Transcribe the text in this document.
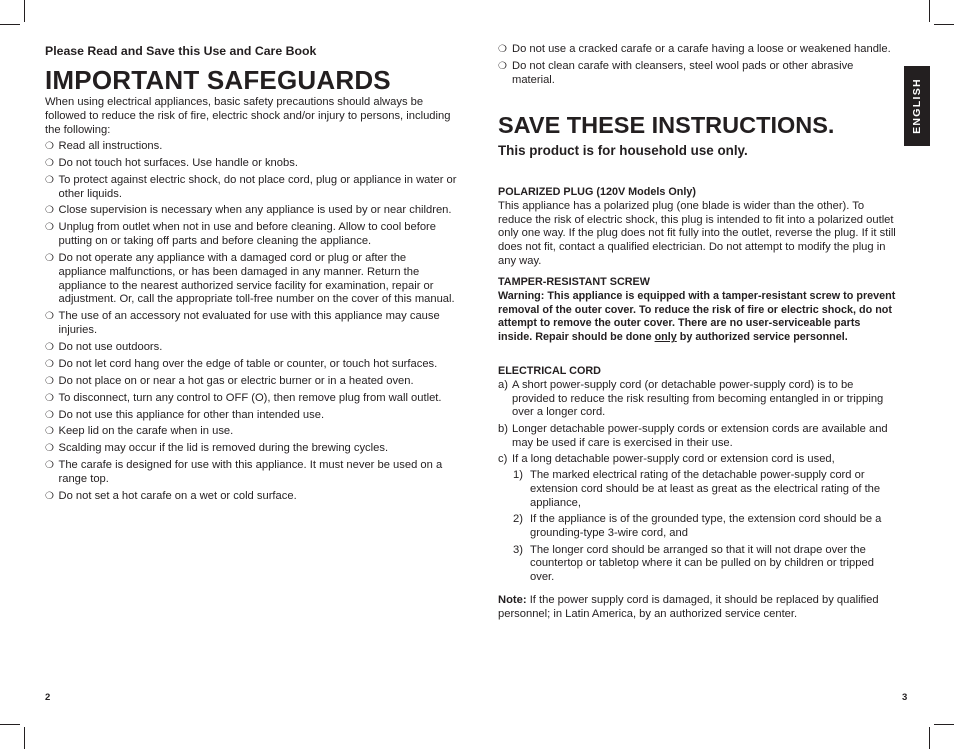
Please Read and Save this Use and Care Book
IMPORTANT SAFEGUARDS
When using electrical appliances, basic safety precautions should always be followed to reduce the risk of fire, electric shock and/or injury to persons, including the following:
❍ Read all instructions.
❍ Do not touch hot surfaces. Use handle or knobs.
❍ To protect against electric shock, do not place cord, plug or appliance in water or other liquids.
❍ Close supervision is necessary when any appliance is used by or near children.
❍ Unplug from outlet when not in use and before cleaning. Allow to cool before putting on or taking off parts and before cleaning the appliance.
❍ Do not operate any appliance with a damaged cord or plug or after the appliance malfunctions, or has been damaged in any manner. Return the appliance to the nearest authorized service facility for examination, repair or adjustment. Or, call the appropriate toll-free number on the cover of this manual.
❍ The use of an accessory not evaluated for use with this appliance may cause injuries.
❍ Do not use outdoors.
❍ Do not let cord hang over the edge of table or counter, or touch hot surfaces.
❍ Do not place on or near a hot gas or electric burner or in a heated oven.
❍ To disconnect, turn any control to OFF (O), then remove plug from wall outlet.
❍ Do not use this appliance for other than intended use.
❍ Keep lid on the carafe when in use.
❍ Scalding may occur if the lid is removed during the brewing cycles.
❍ The carafe is designed for use with this appliance. It must never be used on a range top.
❍ Do not set a hot carafe on a wet or cold surface.
2
❍ Do not use a cracked carafe or a carafe having a loose or weakened handle.
❍ Do not clean carafe with cleansers, steel wool pads or other abrasive material.
SAVE THESE INSTRUCTIONS.
This product is for household use only.

POLARIZED PLUG (120V Models Only)

This appliance has a polarized plug (one blade is wider than the other). To reduce the risk of electric shock, this plug is intended to fit into a polarized outlet only one way. If the plug does not fit fully into the outlet, reverse the plug. If it still does not fit, contact a qualified electrician. Do not attempt to modify the plug in any way.

TAMPER-RESISTANT SCREW

Warning: This appliance is equipped with a tamper-resistant screw to prevent removal of the outer cover. To reduce the risk of fire or electric shock, do not attempt to remove the outer cover. There are no user-serviceable parts inside. Repair should be done only by authorized service personnel.

ELECTRICAL CORD

a) A short power-supply cord (or detachable power-supply cord) is to be provided to reduce the risk resulting from becoming entangled in or tripping over a longer cord.
b) Longer detachable power-supply cords or extension cords are available and may be used if care is exercised in their use.
c) If a long detachable power-supply cord or extension cord is used,
1) The marked electrical rating of the detachable power-supply cord or extension cord should be at least as great as the electrical rating of the appliance,
2) If the appliance is of the grounded type, the extension cord should be a grounding-type 3-wire cord, and
3) The longer cord should be arranged so that it will not drape over the countertop or tabletop where it can be pulled on by children or tripped over.

Note: If the power supply cord is damaged, it should be replaced by qualified personnel; in Latin America, by an authorized service center.

ENGLISH
3
